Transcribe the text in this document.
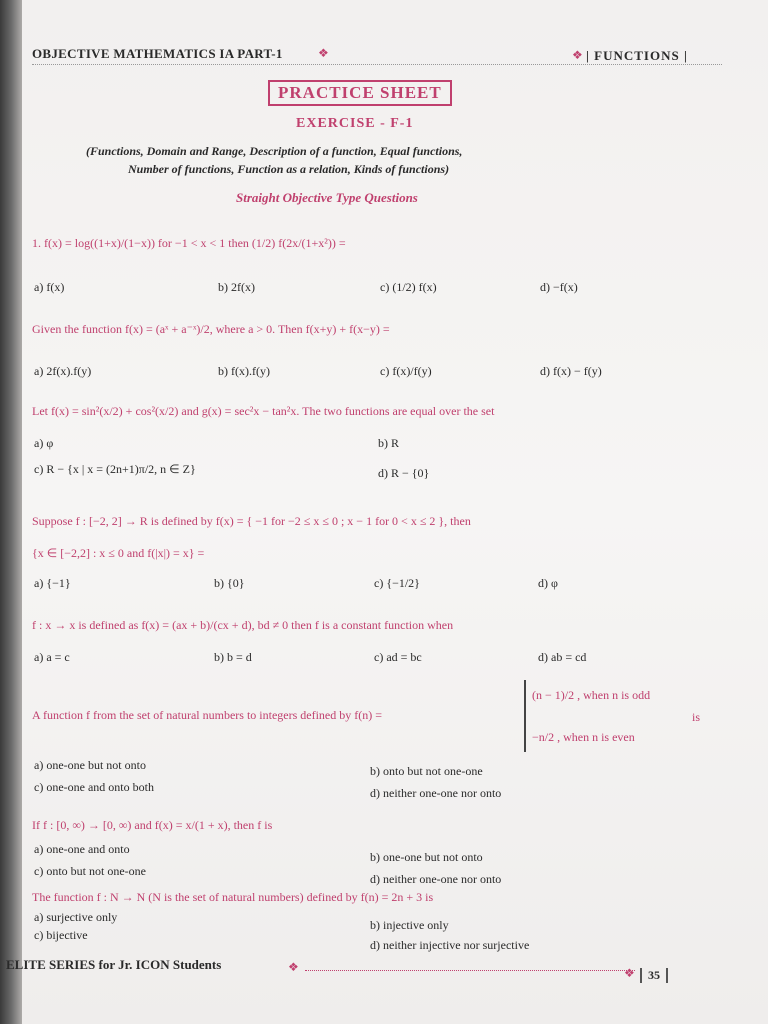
OBJECTIVE MATHEMATICS IA PART-1	❖	❖ | FUNCTIONS |
PRACTICE SHEET
EXERCISE - F-1
(Functions, Domain and Range, Description of a function, Equal functions,
Number of functions, Function as a relation, Kinds of functions)
Straight Objective Type Questions
1. f(x) = log((1+x)/(1−x)) for −1 < x < 1 then (1/2) f(2x/(1+x²)) =
a) f(x)	b) 2f(x)	c) (1/2) f(x)	d) −f(x)
Given the function f(x) = (aˣ + a⁻ˣ)/2, where a > 0. Then f(x+y) + f(x−y) =
a) 2f(x).f(y)	b) f(x).f(y)	c) f(x)/f(y)	d) f(x) − f(y)
Let f(x) = sin²(x/2) + cos²(x/2) and g(x) = sec²x − tan²x. The two functions are equal over the set
a) φ	b) R
c) R − {x | x = (2n+1)π/2, n ∈ Z}	d) R − {0}
Suppose f : [−2, 2] → R is defined by f(x) = { −1 for −2 ≤ x ≤ 0 ; x − 1 for 0 < x ≤ 2 }, then
{x ∈ [−2,2] : x ≤ 0 and f(|x|) = x} =
a) {−1}	b) {0}	c) {−1/2}	d) φ
f : x → x is defined as f(x) = (ax + b)/(cx + d), bd ≠ 0 then f is a constant function when
a) a = c	b) b = d	c) ad = bc	d) ab = cd
A function f from the set of natural numbers to integers defined by f(n) =
(n − 1)/2 , when n is odd
−n/2 , when n is even
is
a) one-one but not onto	b) onto but not one-one
c) one-one and onto both	d) neither one-one nor onto
If f : [0, ∞) → [0, ∞) and f(x) = x/(1 + x), then f is
a) one-one and onto
b) one-one but not onto
c) onto but not one-one
d) neither one-one nor onto
The function f : N → N (N is the set of natural numbers) defined by f(n) = 2n + 3 is
a) surjective only
b) injective only
c) bijective
d) neither injective nor surjective
ELITE SERIES for Jr. ICON Students	❖	❖	35
